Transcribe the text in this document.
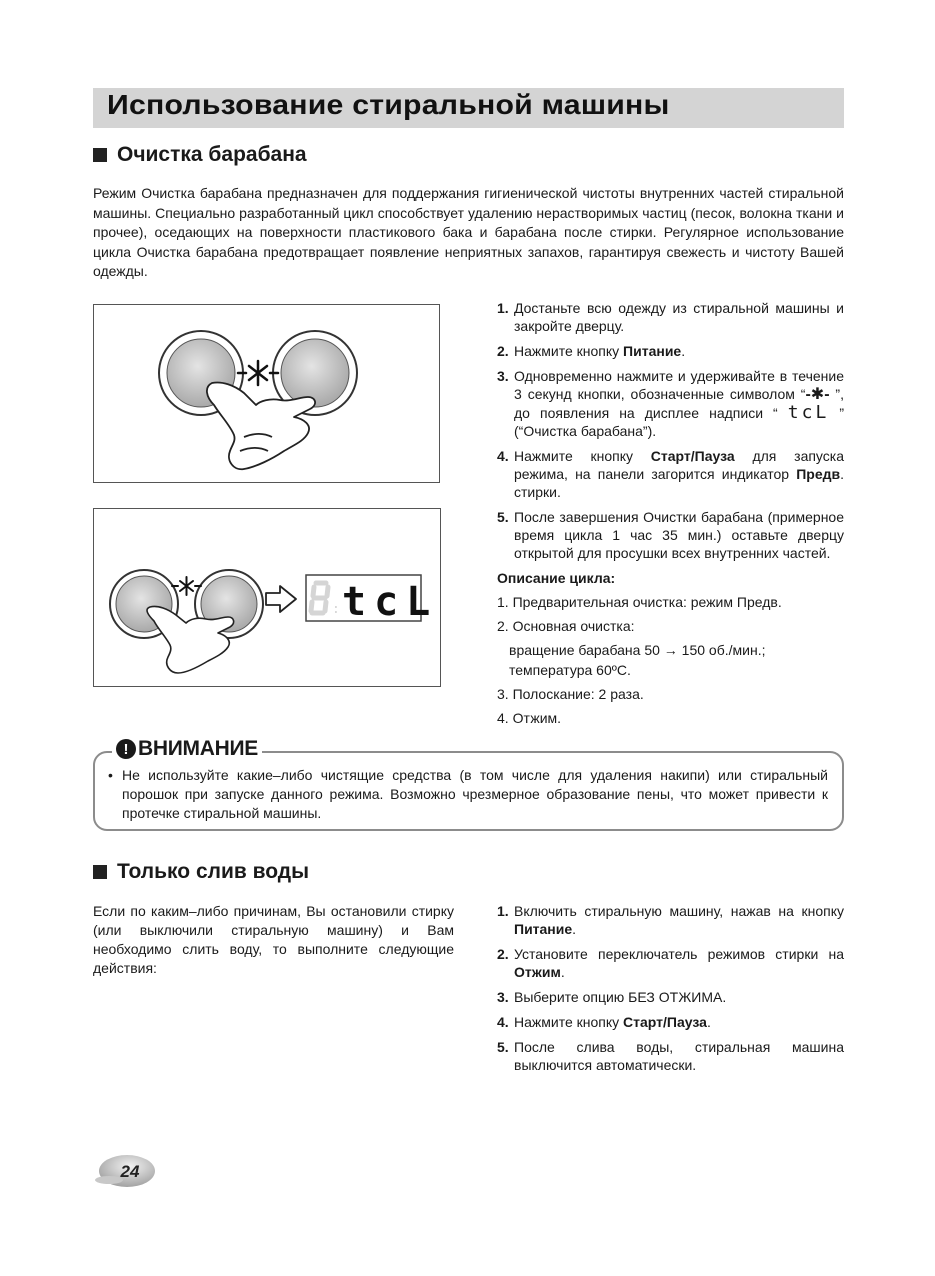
Использование стиральной машины
Очистка барабана

Режим Очистка барабана предназначен для поддержания гигиенической чистоты внутренних частей стиральной машины. Специально разработанный цикл способствует удалению нерастворимых частиц (песок, волокна ткани и прочее), оседающих на поверхности пластикового бака и барабана после стирки. Регулярное использование цикла Очистка барабана предотвращает появление неприятных запахов, гарантируя свежесть и чистоту Вашей одежды.

: tcL
1. Достаньте всю одежду из стиральной машины и закройте дверцу.
2. Нажмите кнопку Питание.
3. Одновременно нажмите и удерживайте в течение 3 секунд кнопки, обозначенные символом “-✱- ”, до появления на дисплее надписи “ tcL ” (“Очистка барабана”).
4. Нажмите кнопку Старт/Пауза для запуска режима, на панели загорится индикатор Предв. стирки.
5. После завершения Очистки барабана (примерное время цикла 1 час 35 мин.) оставьте дверцу открытой для просушки всех внутренних частей.
Описание цикла:
1. Предварительная очистка: режим Предв.
2. Основная очистка:
вращение барабана 50 → 150 об./мин.;
температура 60ºC.
3. Полоскание: 2 раза.
4. Отжим.
! ВНИМАНИЕ
• Не используйте какие–либо чистящие средства (в том числе для удаления накипи) или стиральный порошок при запуске данного режима. Возможно чрезмерное образование пены, что может привести к протечке стиральной машины.
Только слив воды

Если по каким–либо причинам, Вы остановили стирку (или выключили стиральную машину) и Вам необходимо слить воду, то выполните следующие действия:

1. Включить стиральную машину, нажав на кнопку Питание.
2. Установите переключатель режимов стирки на Отжим.
3. Выберите опцию БЕЗ ОТЖИМА.
4. Нажмите кнопку Старт/Пауза.
5. После слива воды, стиральная машина выключится автоматически.
24
